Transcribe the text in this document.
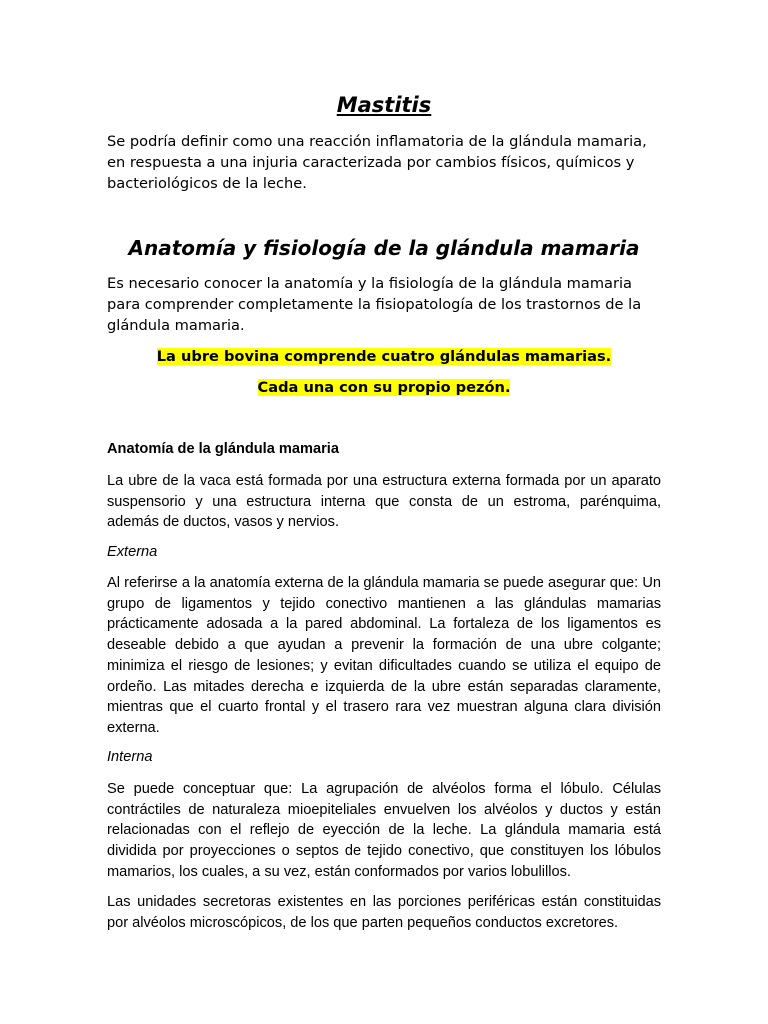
Mastitis

Se podría definir como una reacción inflamatoria de la glándula mamaria, en respuesta a una injuria caracterizada por cambios físicos, químicos y bacteriológicos de la leche.

Anatomía y fisiología de la glándula mamaria

Es necesario conocer la anatomía y la fisiología de la glándula mamaria para comprender completamente la fisiopatología de los trastornos de la glándula mamaria.

La ubre bovina comprende cuatro glándulas mamarias.

Cada una con su propio pezón.

Anatomía de la glándula mamaria

La ubre de la vaca está formada por una estructura externa formada por un aparato suspensorio y una estructura interna que consta de un estroma, parénquima, además de ductos, vasos y nervios.

Externa

Al referirse a la anatomía externa de la glándula mamaria se puede asegurar que: Un grupo de ligamentos y tejido conectivo mantienen a las glándulas mamarias prácticamente adosada a la pared abdominal. La fortaleza de los ligamentos es deseable debido a que ayudan a prevenir la formación de una ubre colgante; minimiza el riesgo de lesiones; y evitan dificultades cuando se utiliza el equipo de ordeño. Las mitades derecha e izquierda de la ubre están separadas claramente, mientras que el cuarto frontal y el trasero rara vez muestran alguna clara división externa.

Interna

Se puede conceptuar que: La agrupación de alvéolos forma el lóbulo. Células contráctiles de naturaleza mioepiteliales envuelven los alvéolos y ductos y están relacionadas con el reflejo de eyección de la leche. La glándula mamaria está dividida por proyecciones o septos de tejido conectivo, que constituyen los lóbulos mamarios, los cuales, a su vez, están conformados por varios lobulillos.

Las unidades secretoras existentes en las porciones periféricas están constituidas por alvéolos microscópicos, de los que parten pequeños conductos excretores.
